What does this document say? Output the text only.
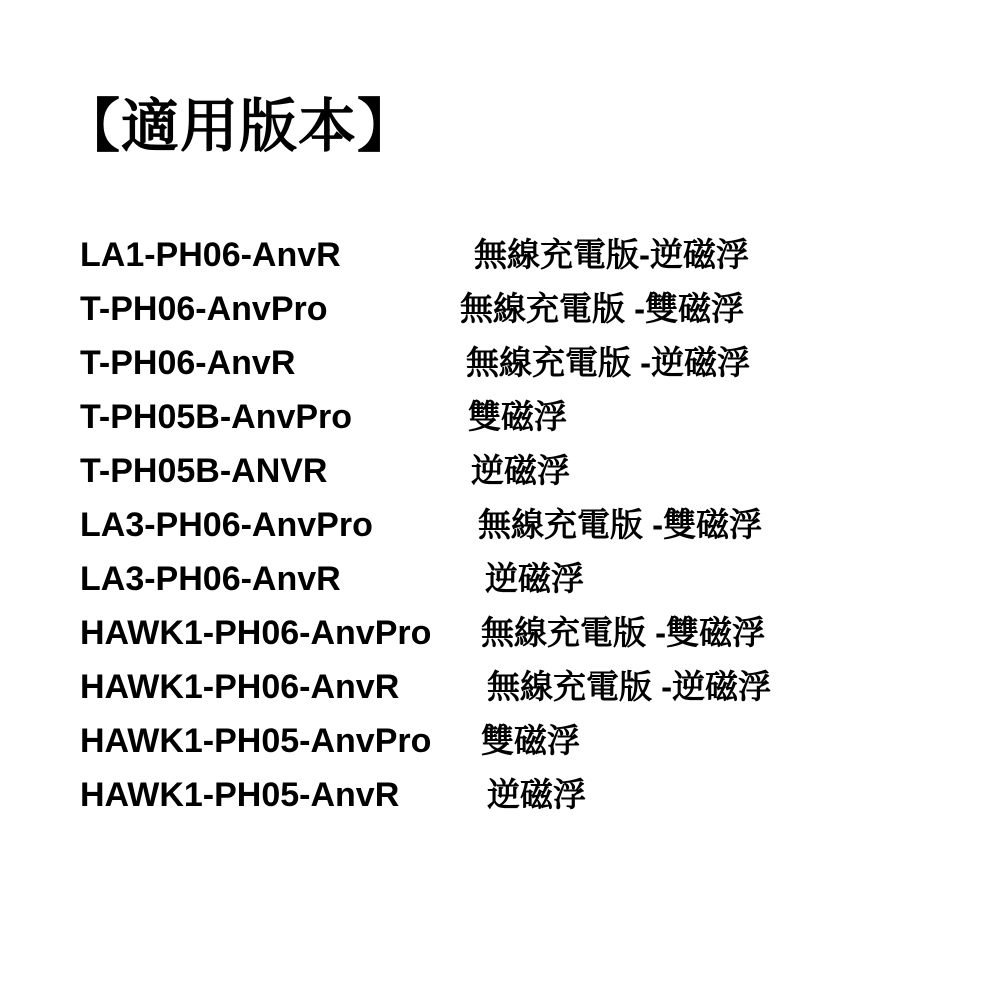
【適用版本】
LA1-PH06-AnvR	無線充電版-逆磁浮
T-PH06-AnvPro	無線充電版 -雙磁浮
T-PH06-AnvR	無線充電版 -逆磁浮
T-PH05B-AnvPro	雙磁浮
T-PH05B-ANVR	逆磁浮
LA3-PH06-AnvPro	無線充電版 -雙磁浮
LA3-PH06-AnvR	逆磁浮
HAWK1-PH06-AnvPro 無線充電版 -雙磁浮
HAWK1-PH06-AnvR	無線充電版 -逆磁浮
HAWK1-PH05-AnvPro 雙磁浮
HAWK1-PH05-AnvR	逆磁浮
